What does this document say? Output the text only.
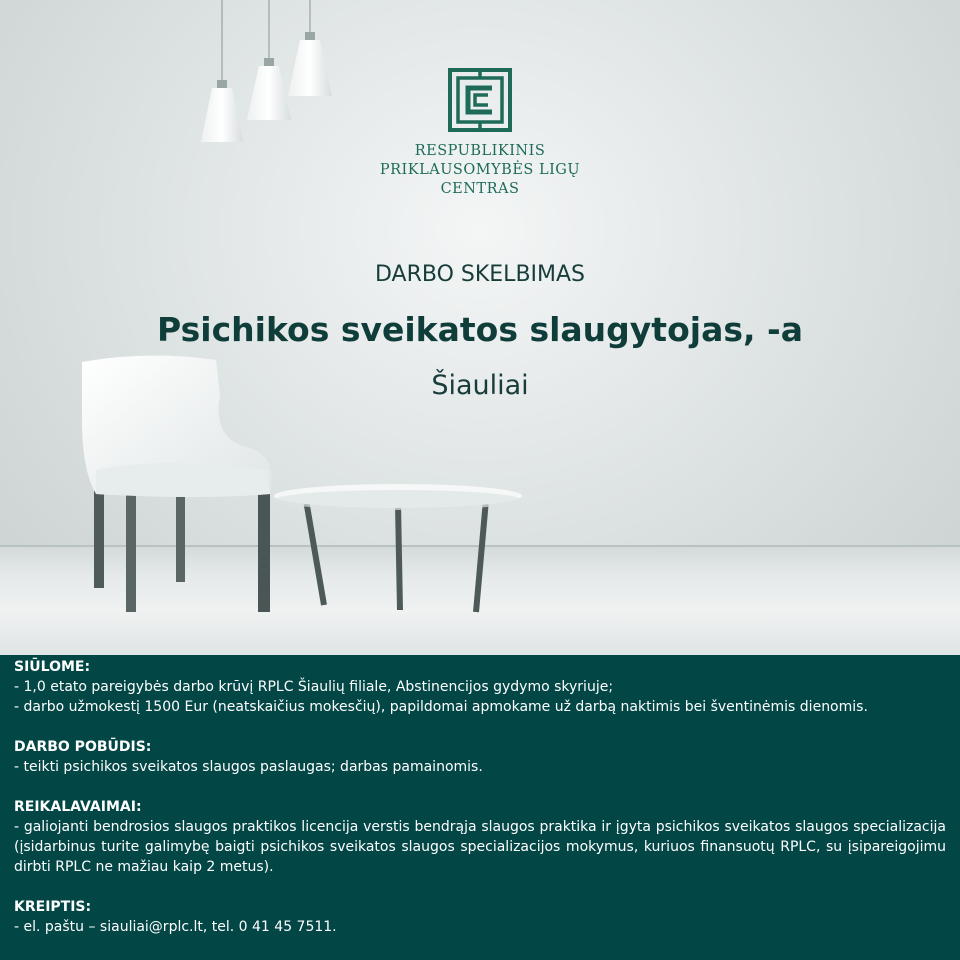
RESPUBLIKINIS
PRIKLAUSOMYBĖS LIGŲ
CENTRAS
DARBO SKELBIMAS
Psichikos sveikatos slaugytojas, -a
Šiauliai
SIŪLOME:
- 1,0 etato pareigybės darbo krūvį RPLC Šiaulių filiale, Abstinencijos gydymo skyriuje;
- darbo užmokestį 1500 Eur (neatskaičius mokesčių), papildomai apmokame už darbą naktimis bei šventinėmis dienomis.
DARBO POBŪDIS:
- teikti psichikos sveikatos slaugos paslaugas; darbas pamainomis.
REIKALAVAIMAI:
- galiojanti bendrosios slaugos praktikos licencija verstis bendrąja slaugos praktika ir įgyta psichikos sveikatos slaugos specializacija (įsidarbinus turite galimybę baigti psichikos sveikatos slaugos specializacijos mokymus, kuriuos finansuotų RPLC, su įsipareigojimu dirbti RPLC ne mažiau kaip 2 metus).
KREIPTIS:
- el. paštu – siauliai@rplc.lt, tel. 0 41 45 7511.
